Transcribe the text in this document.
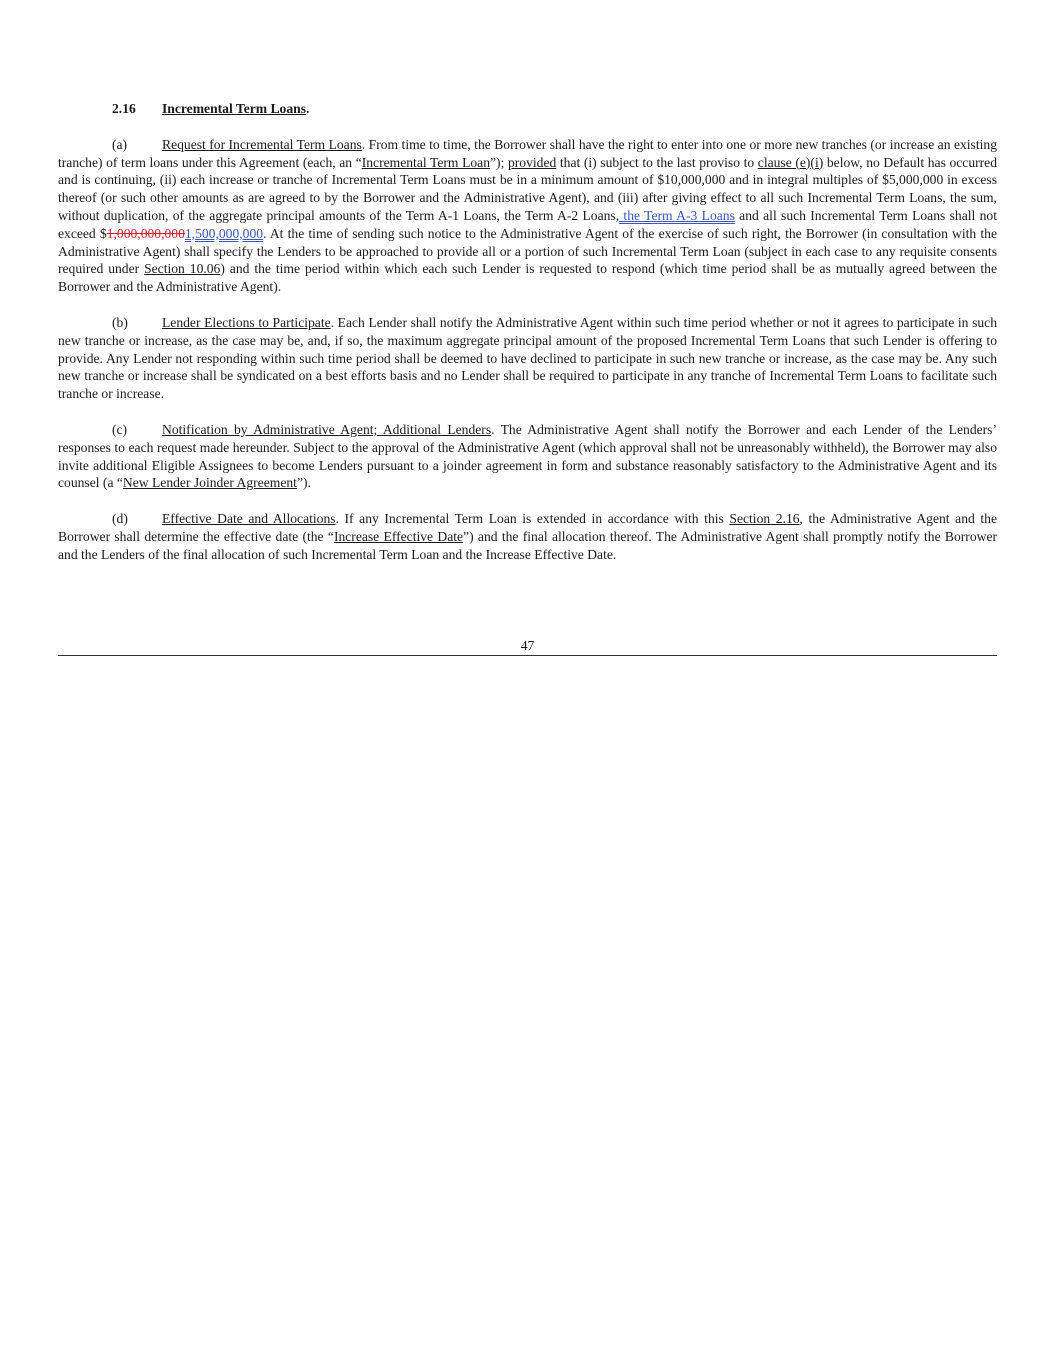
2.16 Incremental Term Loans.

(a)	Request for Incremental Term Loans. From time to time, the Borrower shall have the right to enter into one or more new tranches (or increase an existing tranche) of term loans under this Agreement (each, an “Incremental Term Loan”); provided that (i) subject to the last proviso to clause (e)(i) below, no Default has occurred and is continuing, (ii) each increase or tranche of Incremental Term Loans must be in a minimum amount of $10,000,000 and in integral multiples of $5,000,000 in excess thereof (or such other amounts as are agreed to by the Borrower and the Administrative Agent), and (iii) after giving effect to all such Incremental Term Loans, the sum, without duplication, of the aggregate principal amounts of the Term A-1 Loans, the Term A-2 Loans, the Term A-3 Loans and all such Incremental Term Loans shall not exceed $1,000,000,0001,500,000,000. At the time of sending such notice to the Administrative Agent of the exercise of such right, the Borrower (in consultation with the Administrative Agent) shall specify the Lenders to be approached to provide all or a portion of such Incremental Term Loan (subject in each case to any requisite consents required under Section 10.06) and the time period within which each such Lender is requested to respond (which time period shall be as mutually agreed between the Borrower and the Administrative Agent).

(b)	Lender Elections to Participate. Each Lender shall notify the Administrative Agent within such time period whether or not it agrees to participate in such new tranche or increase, as the case may be, and, if so, the maximum aggregate principal amount of the proposed Incremental Term Loans that such Lender is offering to provide. Any Lender not responding within such time period shall be deemed to have declined to participate in such new tranche or increase, as the case may be. Any such new tranche or increase shall be syndicated on a best efforts basis and no Lender shall be required to participate in any tranche of Incremental Term Loans to facilitate such tranche or increase.

(c)	Notification by Administrative Agent; Additional Lenders. The Administrative Agent shall notify the Borrower and each Lender of the Lenders’ responses to each request made hereunder. Subject to the approval of the Administrative Agent (which approval shall not be unreasonably withheld), the Borrower may also invite additional Eligible Assignees to become Lenders pursuant to a joinder agreement in form and substance reasonably satisfactory to the Administrative Agent and its counsel (a “New Lender Joinder Agreement”).

(d)	Effective Date and Allocations. If any Incremental Term Loan is extended in accordance with this Section 2.16, the Administrative Agent and the Borrower shall determine the effective date (the “Increase Effective Date”) and the final allocation thereof. The Administrative Agent shall promptly notify the Borrower and the Lenders of the final allocation of such Incremental Term Loan and the Increase Effective Date.

47
